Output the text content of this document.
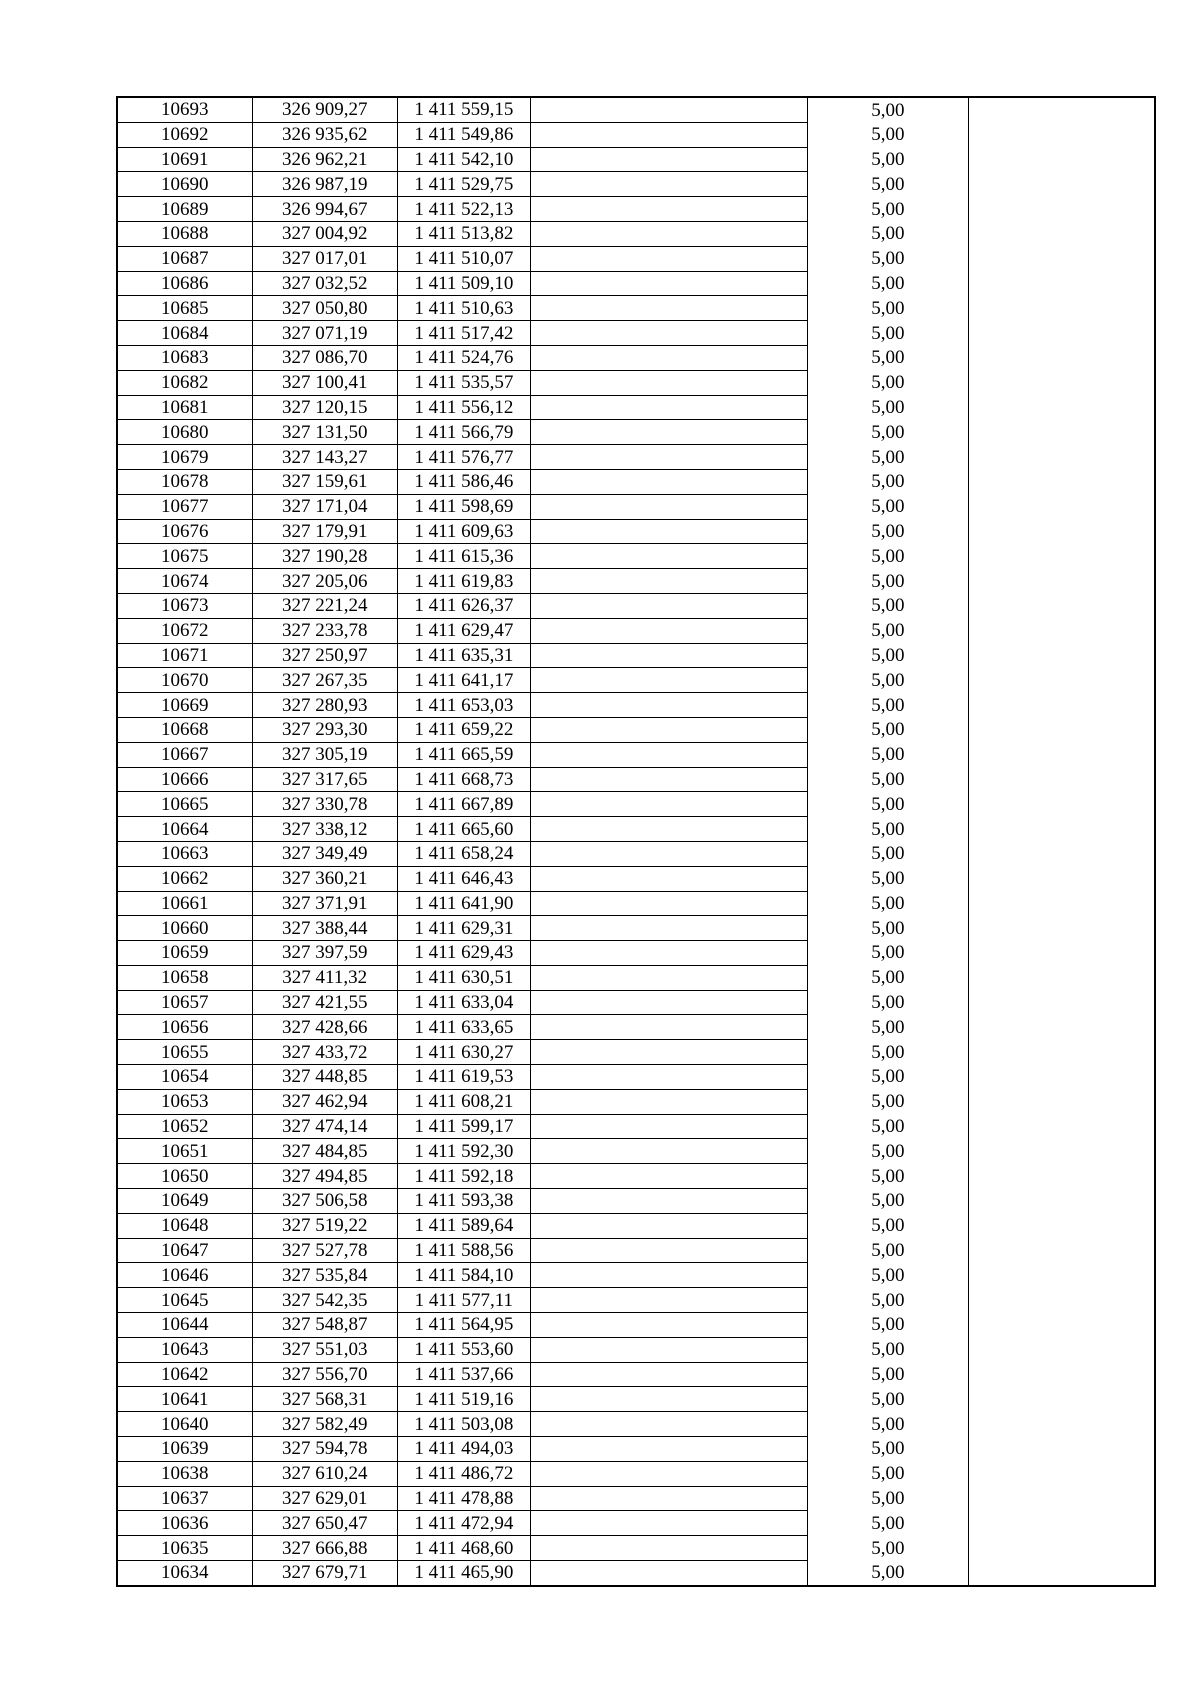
10693	326 909,27	1 411 559,15		5,00	
10692	326 935,62	1 411 549,86		5,00	
10691	326 962,21	1 411 542,10		5,00	
10690	326 987,19	1 411 529,75		5,00	
10689	326 994,67	1 411 522,13		5,00	
10688	327 004,92	1 411 513,82		5,00	
10687	327 017,01	1 411 510,07		5,00	
10686	327 032,52	1 411 509,10		5,00	
10685	327 050,80	1 411 510,63		5,00	
10684	327 071,19	1 411 517,42		5,00	
10683	327 086,70	1 411 524,76		5,00	
10682	327 100,41	1 411 535,57		5,00	
10681	327 120,15	1 411 556,12		5,00	
10680	327 131,50	1 411 566,79		5,00	
10679	327 143,27	1 411 576,77		5,00	
10678	327 159,61	1 411 586,46		5,00	
10677	327 171,04	1 411 598,69		5,00	
10676	327 179,91	1 411 609,63		5,00	
10675	327 190,28	1 411 615,36		5,00	
10674	327 205,06	1 411 619,83		5,00	
10673	327 221,24	1 411 626,37		5,00	
10672	327 233,78	1 411 629,47		5,00	
10671	327 250,97	1 411 635,31		5,00	
10670	327 267,35	1 411 641,17		5,00	
10669	327 280,93	1 411 653,03		5,00	
10668	327 293,30	1 411 659,22		5,00	
10667	327 305,19	1 411 665,59		5,00	
10666	327 317,65	1 411 668,73		5,00	
10665	327 330,78	1 411 667,89		5,00	
10664	327 338,12	1 411 665,60		5,00	
10663	327 349,49	1 411 658,24		5,00	
10662	327 360,21	1 411 646,43		5,00	
10661	327 371,91	1 411 641,90		5,00	
10660	327 388,44	1 411 629,31		5,00	
10659	327 397,59	1 411 629,43		5,00	
10658	327 411,32	1 411 630,51		5,00	
10657	327 421,55	1 411 633,04		5,00	
10656	327 428,66	1 411 633,65		5,00	
10655	327 433,72	1 411 630,27		5,00	
10654	327 448,85	1 411 619,53		5,00	
10653	327 462,94	1 411 608,21		5,00	
10652	327 474,14	1 411 599,17		5,00	
10651	327 484,85	1 411 592,30		5,00	
10650	327 494,85	1 411 592,18		5,00	
10649	327 506,58	1 411 593,38		5,00	
10648	327 519,22	1 411 589,64		5,00	
10647	327 527,78	1 411 588,56		5,00	
10646	327 535,84	1 411 584,10		5,00	
10645	327 542,35	1 411 577,11		5,00	
10644	327 548,87	1 411 564,95		5,00	
10643	327 551,03	1 411 553,60		5,00	
10642	327 556,70	1 411 537,66		5,00	
10641	327 568,31	1 411 519,16		5,00	
10640	327 582,49	1 411 503,08		5,00	
10639	327 594,78	1 411 494,03		5,00	
10638	327 610,24	1 411 486,72		5,00	
10637	327 629,01	1 411 478,88		5,00	
10636	327 650,47	1 411 472,94		5,00	
10635	327 666,88	1 411 468,60		5,00	
10634	327 679,71	1 411 465,90		5,00	
